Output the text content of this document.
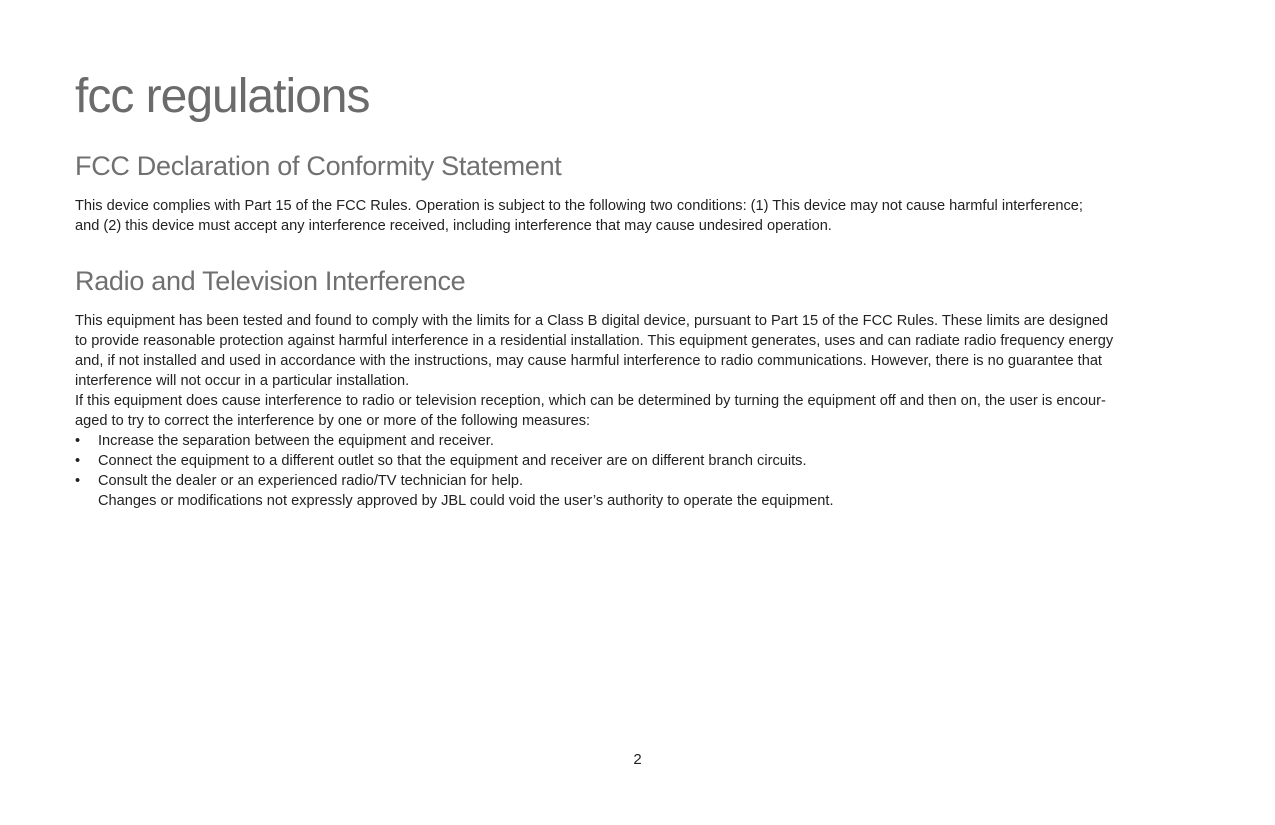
fcc regulations
FCC Declaration of Conformity Statement

This device complies with Part 15 of the FCC Rules. Operation is subject to the following two conditions: (1) This device may not cause harmful interference;
and (2) this device must accept any interference received, including interference that may cause undesired operation.

Radio and Television Interference

This equipment has been tested and found to comply with the limits for a Class B digital device, pursuant to Part 15 of the FCC Rules. These limits are designed
to provide reasonable protection against harmful interference in a residential installation. This equipment generates, uses and can radiate radio frequency energy
and, if not installed and used in accordance with the instructions, may cause harmful interference to radio communications. However, there is no guarantee that
interference will not occur in a particular installation.
If this equipment does cause interference to radio or television reception, which can be determined by turning the equipment off and then on, the user is encour-
aged to try to correct the interference by one or more of the following measures:

•	Increase the separation between the equipment and receiver.
•	Connect the equipment to a different outlet so that the equipment and receiver are on different branch circuits.
•	Consult the dealer or an experienced radio/TV technician for help.

Changes or modifications not expressly approved by JBL could void the user’s authority to operate the equipment.

2
